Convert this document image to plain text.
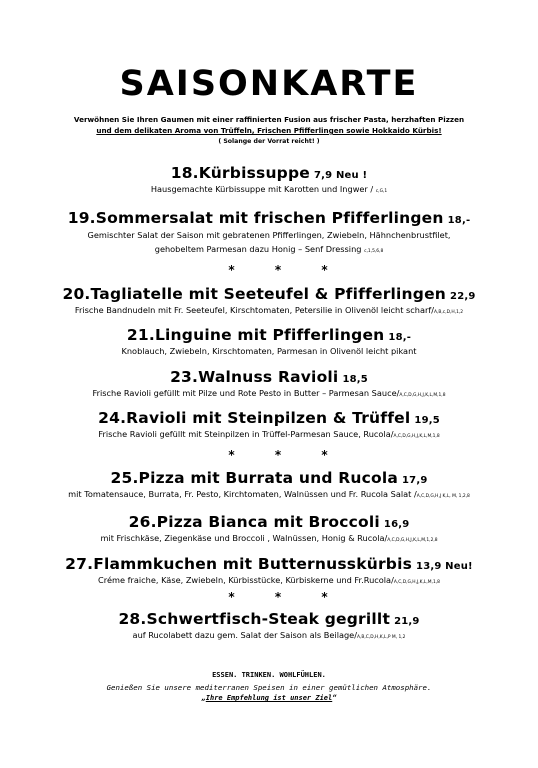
SAISONKARTE
Verwöhnen Sie Ihren Gaumen mit einer raffinierten Fusion aus frischer Pasta, herzhaften Pizzen
und dem delikaten Aroma von Trüffeln, Frischen Pfifferlingen sowie Hokkaido Kürbis!
( Solange der Vorrat reicht! )
18.Kürbissuppe 7,9 Neu !
Hausgemachte Kürbissuppe mit Karotten und Ingwer / c,G,1
19.Sommersalat mit frischen Pfifferlingen 18,-
Gemischter Salat der Saison mit gebratenen Pfifferlingen, Zwiebeln, Hähnchenbrustfilet,
gehobeltem Parmesan dazu Honig – Senf Dressing c,1,5,6,8
* * *
20.Tagliatelle mit Seeteufel & Pfifferlingen 22,9
Frische Bandnudeln mit Fr. Seeteufel, Kirschtomaten, Petersilie in Olivenöl leicht scharf/A,B,c,D,H,1,2
21.Linguine mit Pfifferlingen 18,-
Knoblauch, Zwiebeln, Kirschtomaten, Parmesan in Olivenöl leicht pikant
23.Walnuss Ravioli 18,5
Frische Ravioli gefüllt mit Pilze und Rote Pesto in Butter – Parmesan Sauce/A,C,D,G,H,J,K,L,M,1,8
24.Ravioli mit Steinpilzen & Trüffel 19,5
Frische Ravioli gefüllt mit Steinpilzen in Trüffel-Parmesan Sauce, Rucola/A,C,D,G,H,J,K,L,M,1,8
* * *
25.Pizza mit Burrata und Rucola 17,9
mit Tomatensauce, Burrata, Fr. Pesto, Kirchtomaten, Walnüssen und Fr. Rucola Salat /A,C,D,G,H,J K,L, M, 1,2,8
26.Pizza Bianca mit Broccoli 16,9
mit Frischkäse, Ziegenkäse und Broccoli , Walnüssen, Honig & Rucola/A,C,D,G,H,J,K,L,M,1,2,8
27.Flammkuchen mit Butternusskürbis 13,9 Neu!
Créme fraiche, Käse, Zwiebeln, Kürbisstücke, Kürbiskerne und Fr.Rucola/A,C,D,G,H,J,K,L,M,1,8
* * *
28.Schwertfisch-Steak gegrillt 21,9
auf Rucolabett dazu gem. Salat der Saison als Beilage/A,B,C,D,H,K,L,P M, 1,2
ESSEN. TRINKEN. WOHLFÜHLEN.
Genießen Sie unsere mediterranen Speisen in einer gemütlichen Atmosphäre.
„Ihre Empfehlung ist unser Ziel“
